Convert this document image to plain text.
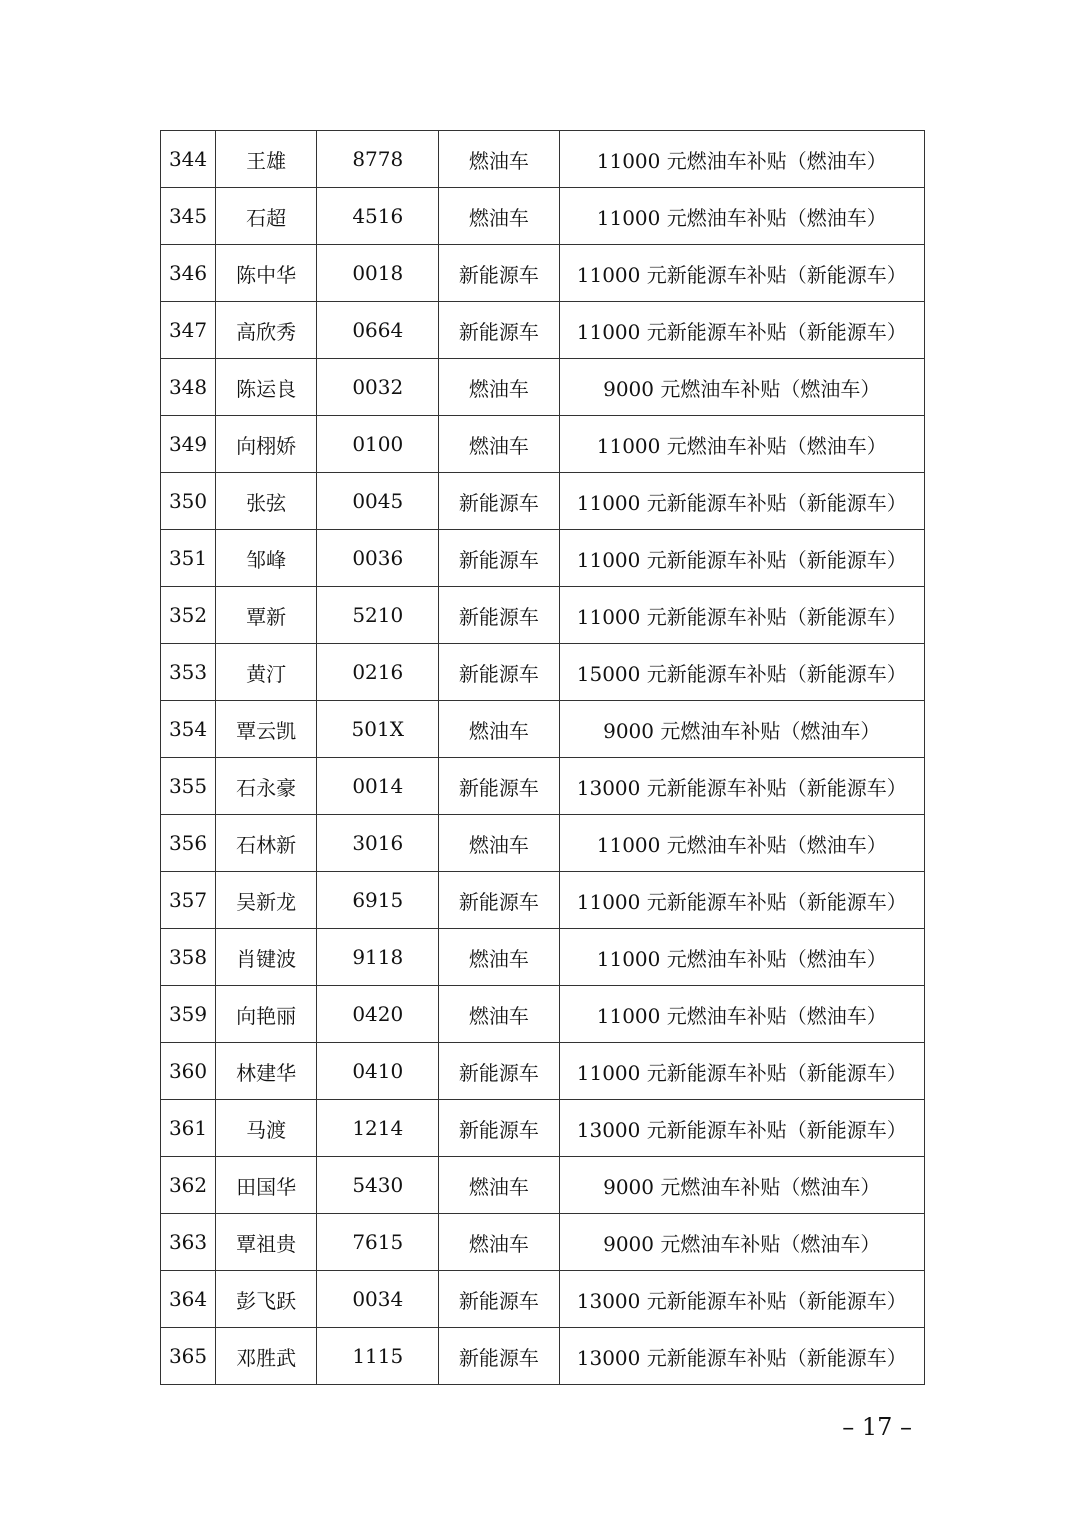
344	王雄	8778	燃油车	11000 元燃油车补贴（燃油车）
345	石超	4516	燃油车	11000 元燃油车补贴（燃油车）
346	陈中华	0018	新能源车	11000 元新能源车补贴（新能源车）
347	高欣秀	0664	新能源车	11000 元新能源车补贴（新能源车）
348	陈运良	0032	燃油车	9000 元燃油车补贴（燃油车）
349	向栩娇	0100	燃油车	11000 元燃油车补贴（燃油车）
350	张弦	0045	新能源车	11000 元新能源车补贴（新能源车）
351	邹峰	0036	新能源车	11000 元新能源车补贴（新能源车）
352	覃新	5210	新能源车	11000 元新能源车补贴（新能源车）
353	黄汀	0216	新能源车	15000 元新能源车补贴（新能源车）
354	覃云凯	501X	燃油车	9000 元燃油车补贴（燃油车）
355	石永豪	0014	新能源车	13000 元新能源车补贴（新能源车）
356	石林新	3016	燃油车	11000 元燃油车补贴（燃油车）
357	吴新龙	6915	新能源车	11000 元新能源车补贴（新能源车）
358	肖键波	9118	燃油车	11000 元燃油车补贴（燃油车）
359	向艳丽	0420	燃油车	11000 元燃油车补贴（燃油车）
360	林建华	0410	新能源车	11000 元新能源车补贴（新能源车）
361	马渡	1214	新能源车	13000 元新能源车补贴（新能源车）
362	田国华	5430	燃油车	9000 元燃油车补贴（燃油车）
363	覃祖贵	7615	燃油车	9000 元燃油车补贴（燃油车）
364	彭飞跃	0034	新能源车	13000 元新能源车补贴（新能源车）
365	邓胜武	1115	新能源车	13000 元新能源车补贴（新能源车）
– 17 –
